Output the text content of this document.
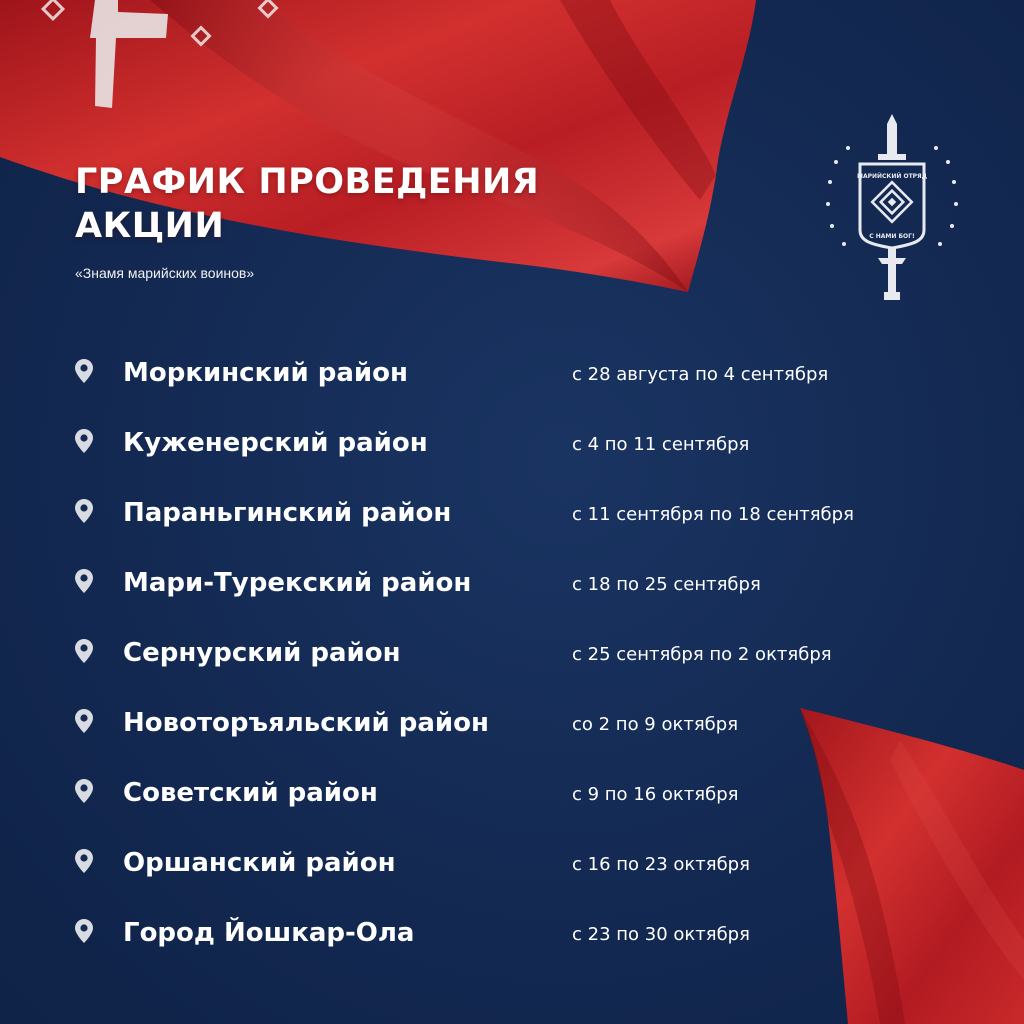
ГРАФИК ПРОВЕДЕНИЯ
АКЦИИ
«Знамя марийских воинов»
МАРИЙСКИЙ ОТРЯД
С НАМИ БОГ!
Моркинский район	с 28 августа по 4 сентября
Куженерский район	с 4 по 11 сентября
Параньгинский район	с 11 сентября по 18 сентября
Мари-Турекский район	с 18 по 25 сентября
Сернурский район	с 25 сентября по 2 октября
Новоторъяльский район	со 2 по 9 октября
Советский район	с 9 по 16 октября
Оршанский район	с 16 по 23 октября
Город Йошкар-Ола	с 23 по 30 октября
